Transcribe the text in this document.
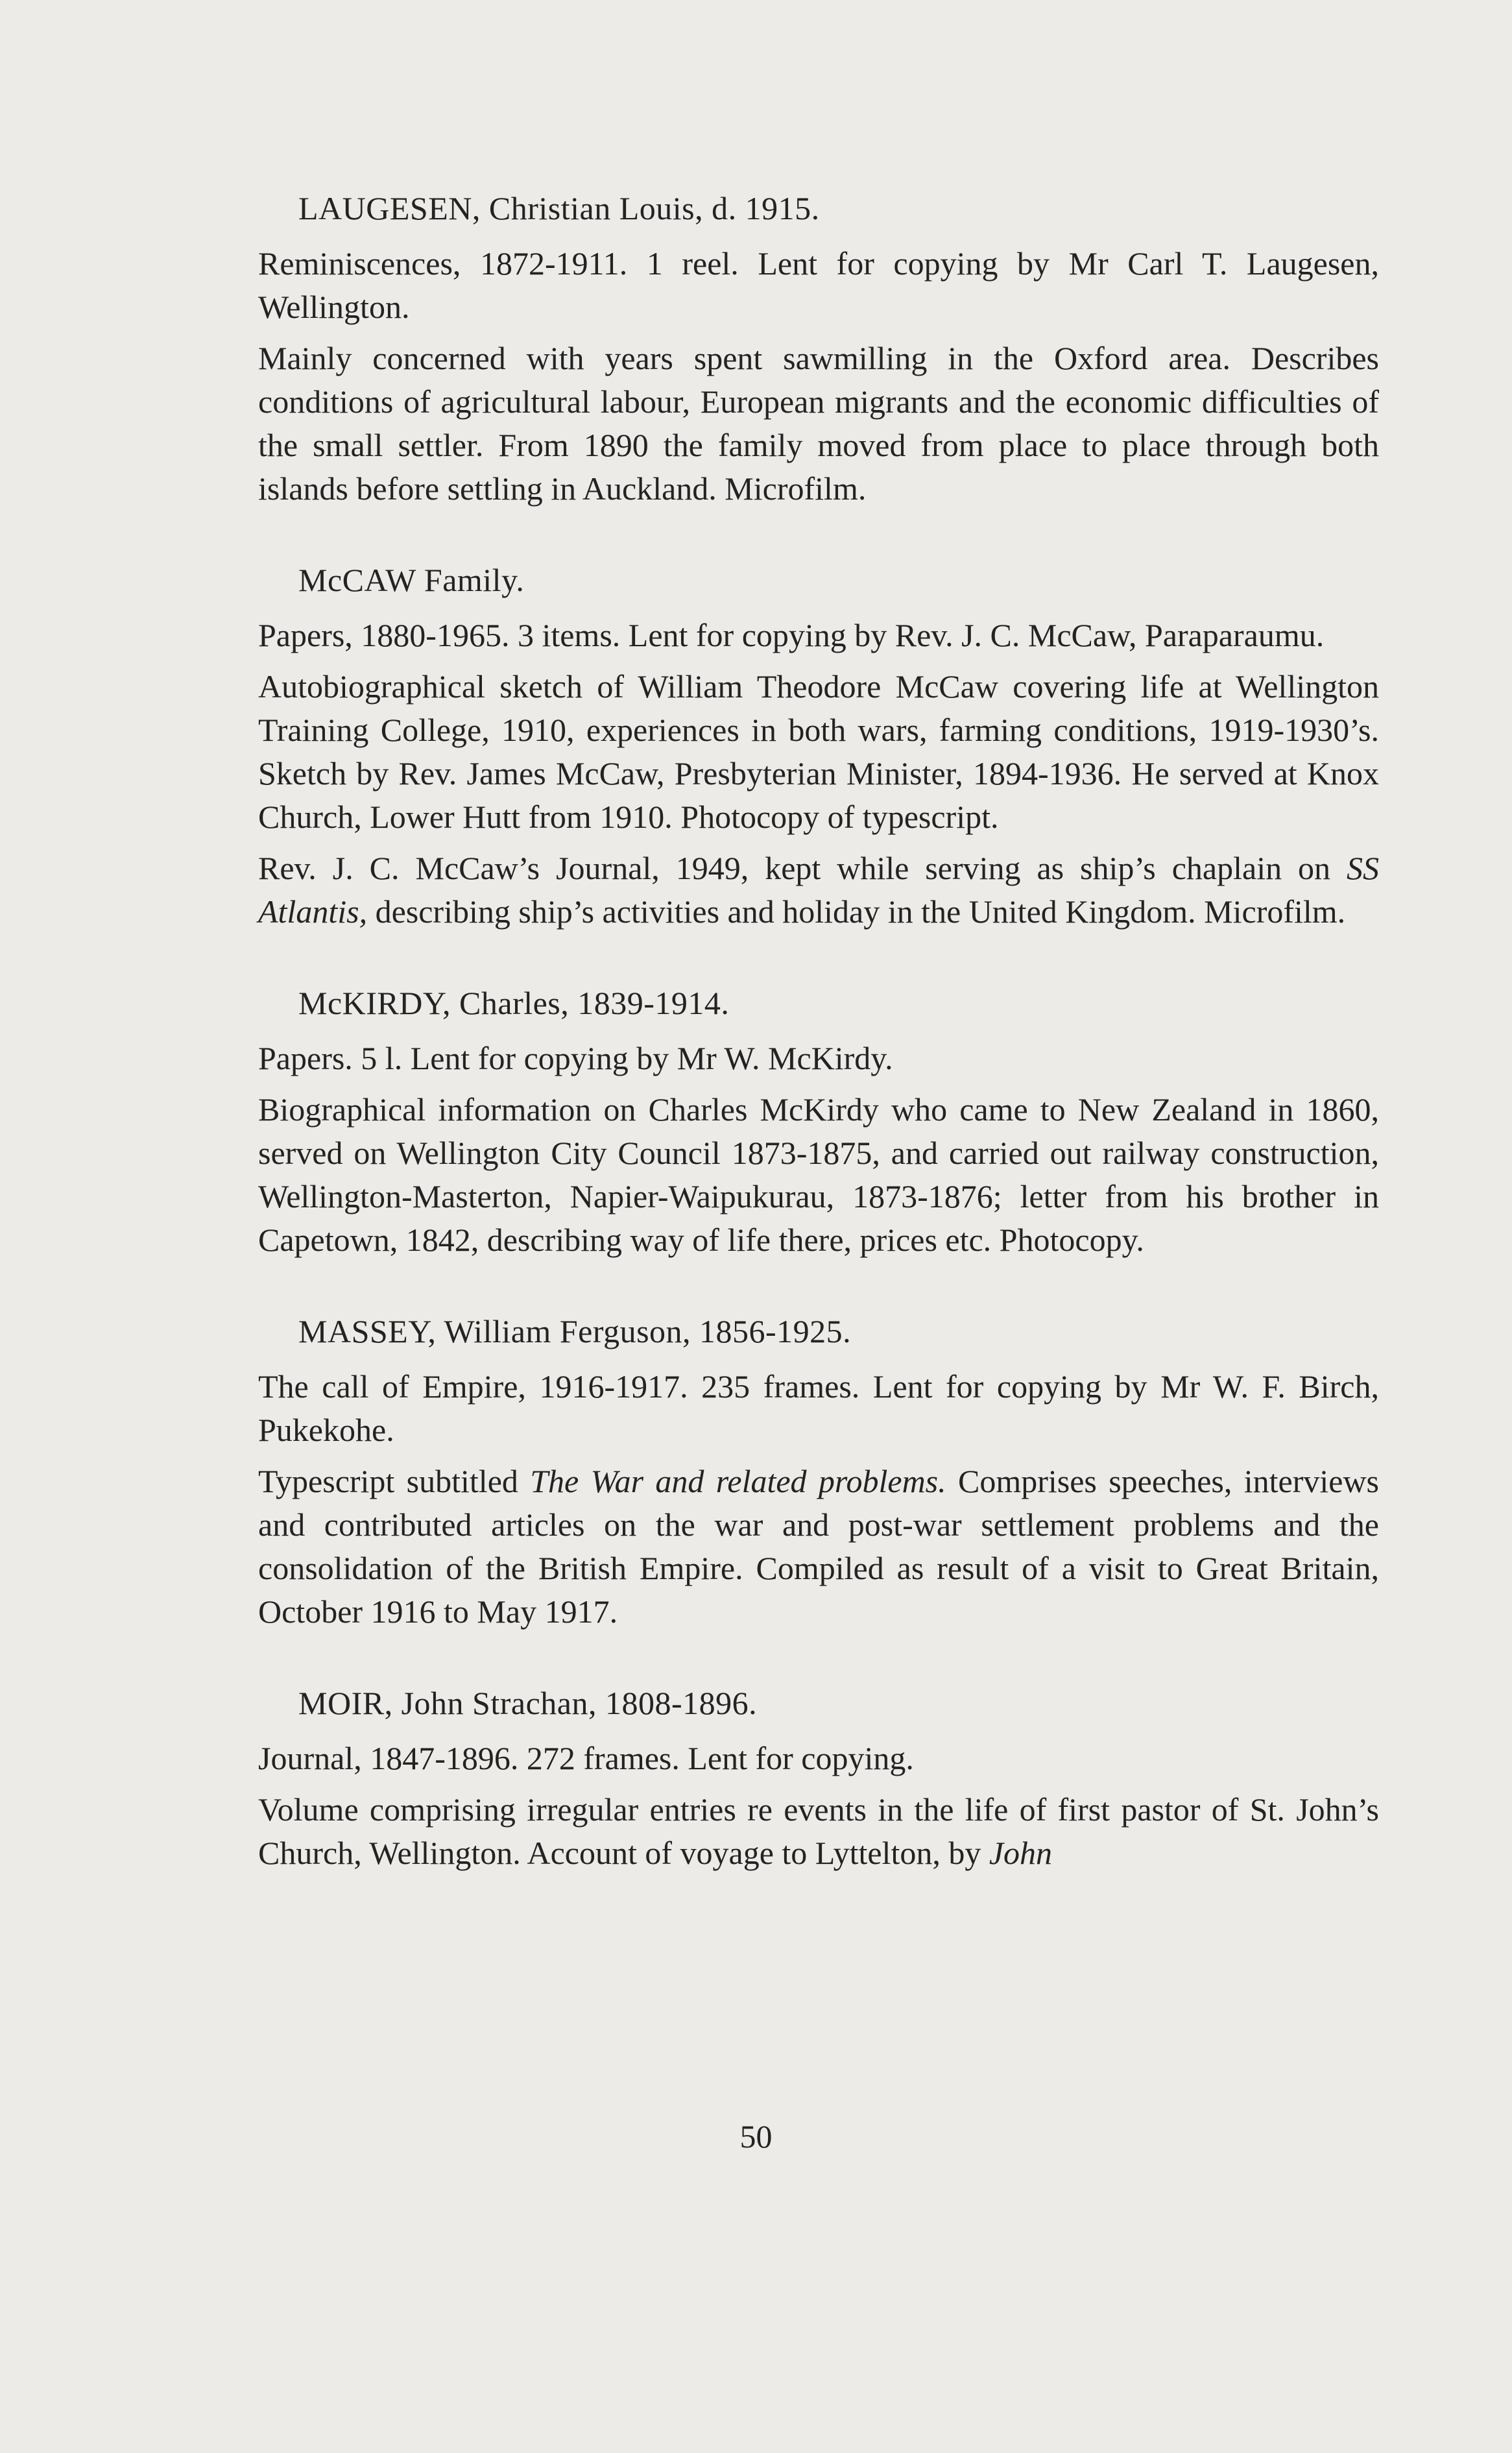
LAUGESEN, Christian Louis, d. 1915.

Reminiscences, 1872-1911. 1 reel. Lent for copying by Mr Carl T. Laugesen, Wellington.

Mainly concerned with years spent sawmilling in the Oxford area. Describes conditions of agricultural labour, European migrants and the economic difficulties of the small settler. From 1890 the family moved from place to place through both islands before settling in Auckland. Microfilm.

McCAW Family.

Papers, 1880-1965. 3 items. Lent for copying by Rev. J. C. McCaw, Paraparaumu.

Autobiographical sketch of William Theodore McCaw covering life at Wellington Training College, 1910, experiences in both wars, farming conditions, 1919-1930’s. Sketch by Rev. James McCaw, Presbyterian Minister, 1894-1936. He served at Knox Church, Lower Hutt from 1910. Photocopy of typescript.

Rev. J. C. McCaw’s Journal, 1949, kept while serving as ship’s chaplain on SS Atlantis, describing ship’s activities and holiday in the United Kingdom. Microfilm.

McKIRDY, Charles, 1839-1914.

Papers. 5 l. Lent for copying by Mr W. McKirdy.

Biographical information on Charles McKirdy who came to New Zealand in 1860, served on Wellington City Council 1873-1875, and carried out railway construction, Wellington-Masterton, Napier-Waipukurau, 1873-1876; letter from his brother in Capetown, 1842, describing way of life there, prices etc. Photocopy.

MASSEY, William Ferguson, 1856-1925.

The call of Empire, 1916-1917. 235 frames. Lent for copying by Mr W. F. Birch, Pukekohe.

Typescript subtitled The War and related problems. Comprises speeches, interviews and contributed articles on the war and post-war settlement problems and the consolidation of the British Empire. Compiled as result of a visit to Great Britain, October 1916 to May 1917.

MOIR, John Strachan, 1808-1896.

Journal, 1847-1896. 272 frames. Lent for copying.

Volume comprising irregular entries re events in the life of first pastor of St. John’s Church, Wellington. Account of voyage to Lyttelton, by John

50
